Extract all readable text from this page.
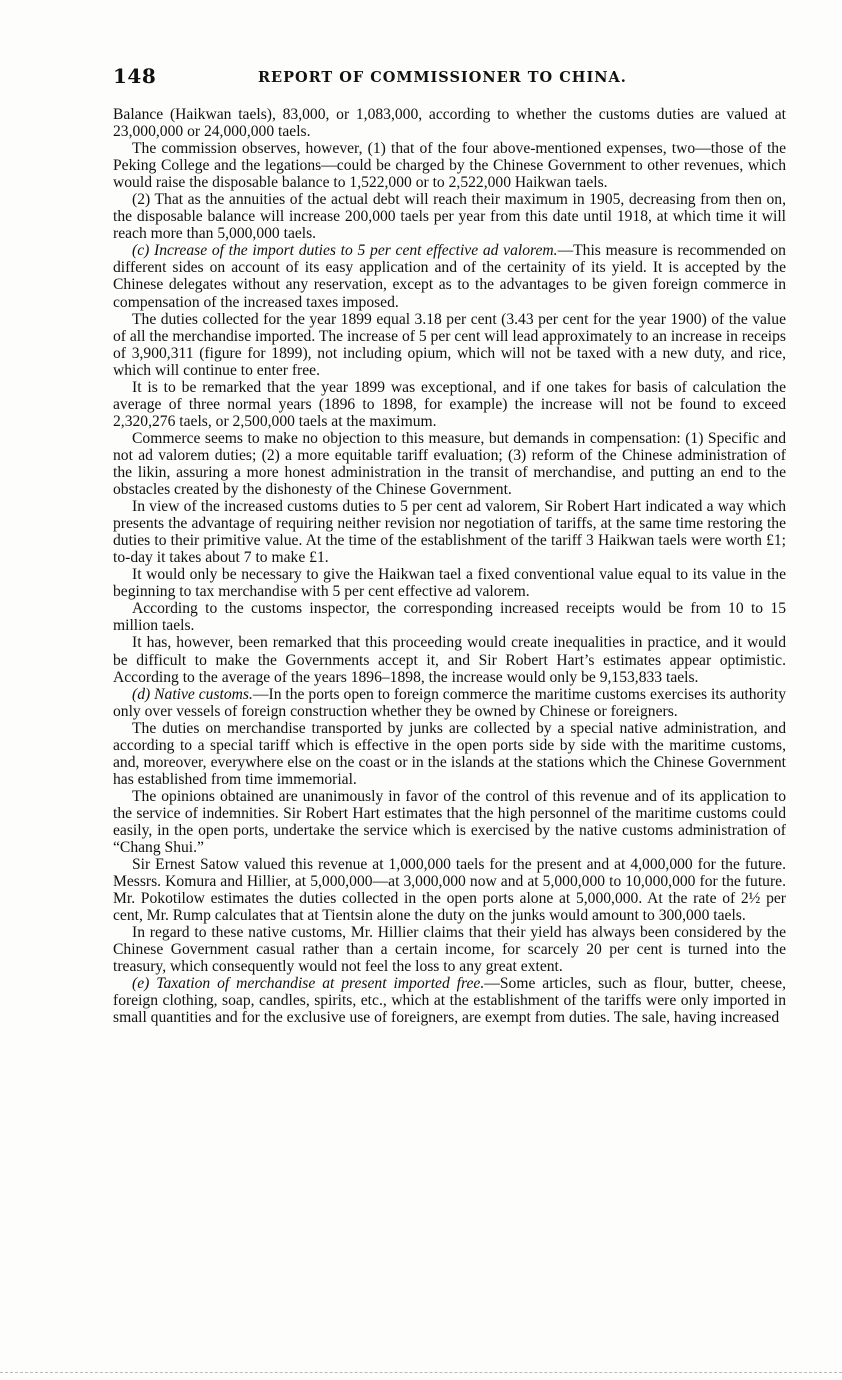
148	REPORT OF COMMISSIONER TO CHINA.

Balance (Haikwan taels), 83,000, or 1,083,000, according to whether the customs duties are valued at 23,000,000 or 24,000,000 taels.

The commission observes, however, (1) that of the four above-mentioned expenses, two—those of the Peking College and the legations—could be charged by the Chinese Government to other revenues, which would raise the disposable balance to 1,522,000 or to 2,522,000 Haikwan taels.

(2) That as the annuities of the actual debt will reach their maximum in 1905, decreasing from then on, the disposable balance will increase 200,000 taels per year from this date until 1918, at which time it will reach more than 5,000,000 taels.

(c) Increase of the import duties to 5 per cent effective ad valorem.—This measure is recommended on different sides on account of its easy application and of the certainity of its yield. It is accepted by the Chinese delegates without any reservation, except as to the advantages to be given foreign commerce in compensation of the increased taxes imposed.

The duties collected for the year 1899 equal 3.18 per cent (3.43 per cent for the year 1900) of the value of all the merchandise imported. The increase of 5 per cent will lead approximately to an increase in receips of 3,900,311 (figure for 1899), not including opium, which will not be taxed with a new duty, and rice, which will continue to enter free.

It is to be remarked that the year 1899 was exceptional, and if one takes for basis of calculation the average of three normal years (1896 to 1898, for example) the increase will not be found to exceed 2,320,276 taels, or 2,500,000 taels at the maximum.

Commerce seems to make no objection to this measure, but demands in compensation: (1) Specific and not ad valorem duties; (2) a more equitable tariff evaluation; (3) reform of the Chinese administration of the likin, assuring a more honest administration in the transit of merchandise, and putting an end to the obstacles created by the dishonesty of the Chinese Government.

In view of the increased customs duties to 5 per cent ad valorem, Sir Robert Hart indicated a way which presents the advantage of requiring neither revision nor negotiation of tariffs, at the same time restoring the duties to their primitive value. At the time of the establishment of the tariff 3 Haikwan taels were worth £1; to-day it takes about 7 to make £1.

It would only be necessary to give the Haikwan tael a fixed conventional value equal to its value in the beginning to tax merchandise with 5 per cent effective ad valorem.

According to the customs inspector, the corresponding increased receipts would be from 10 to 15 million taels.

It has, however, been remarked that this proceeding would create inequalities in practice, and it would be difficult to make the Governments accept it, and Sir Robert Hart’s estimates appear optimistic. According to the average of the years 1896–1898, the increase would only be 9,153,833 taels.

(d) Native customs.—In the ports open to foreign commerce the maritime customs exercises its authority only over vessels of foreign construction whether they be owned by Chinese or foreigners.

The duties on merchandise transported by junks are collected by a special native administration, and according to a special tariff which is effective in the open ports side by side with the maritime customs, and, moreover, everywhere else on the coast or in the islands at the stations which the Chinese Government has established from time immemorial.

The opinions obtained are unanimously in favor of the control of this revenue and of its application to the service of indemnities. Sir Robert Hart estimates that the high personnel of the maritime customs could easily, in the open ports, undertake the service which is exercised by the native customs administration of “Chang Shui.”

Sir Ernest Satow valued this revenue at 1,000,000 taels for the present and at 4,000,000 for the future. Messrs. Komura and Hillier, at 5,000,000—at 3,000,000 now and at 5,000,000 to 10,000,000 for the future. Mr. Pokotilow estimates the duties collected in the open ports alone at 5,000,000. At the rate of 2½ per cent, Mr. Rump calculates that at Tientsin alone the duty on the junks would amount to 300,000 taels.

In regard to these native customs, Mr. Hillier claims that their yield has always been considered by the Chinese Government casual rather than a certain income, for scarcely 20 per cent is turned into the treasury, which consequently would not feel the loss to any great extent.

(e) Taxation of merchandise at present imported free.—Some articles, such as flour, butter, cheese, foreign clothing, soap, candles, spirits, etc., which at the establishment of the tariffs were only imported in small quantities and for the exclusive use of foreigners, are exempt from duties. The sale, having increased
